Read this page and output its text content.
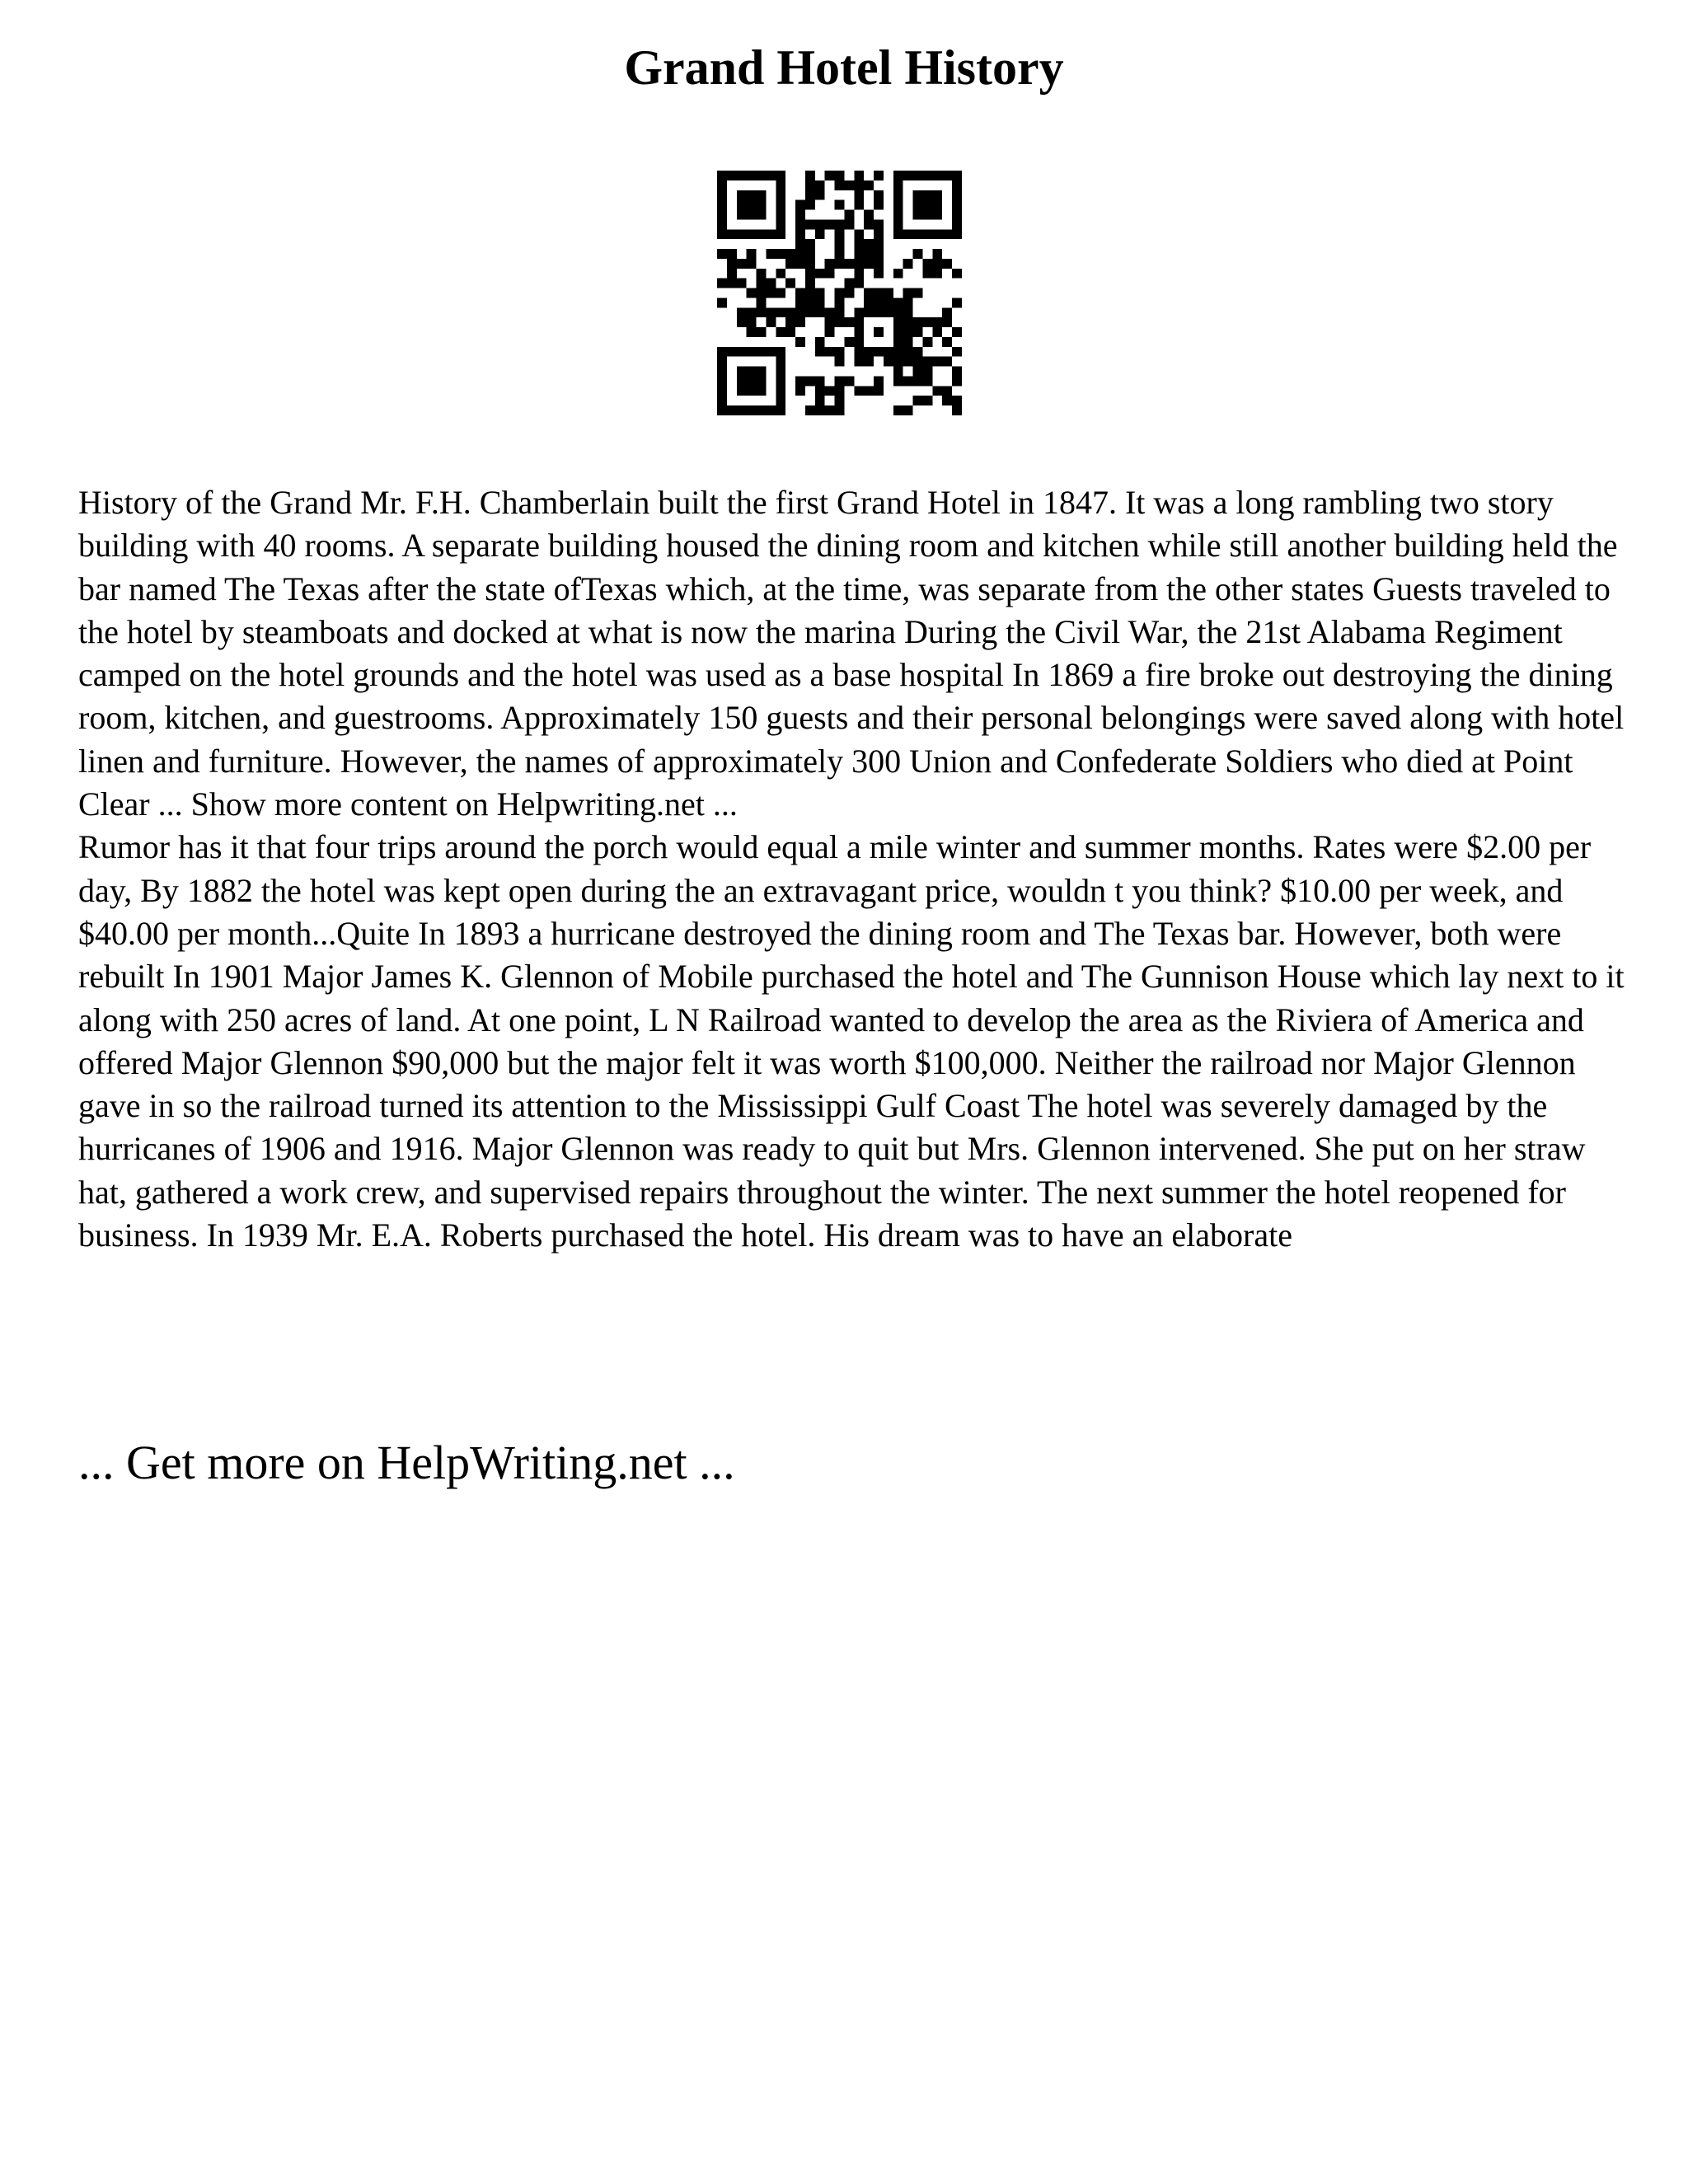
Grand Hotel History

History of the Grand Mr. F.H. Chamberlain built the first Grand Hotel in 1847. It was a long rambling two story building with 40 rooms. A separate building housed the dining room and kitchen while still another building held the bar named The Texas after the state ofTexas which, at the time, was separate from the other states Guests traveled to the hotel by steamboats and docked at what is now the marina During the Civil War, the 21st Alabama Regiment camped on the hotel grounds and the hotel was used as a base hospital In 1869 a fire broke out destroying the dining room, kitchen, and guestrooms. Approximately 150 guests and their personal belongings were saved along with hotel linen and furniture. However, the names of approximately 300 Union and Confederate Soldiers who died at Point Clear ... Show more content on Helpwriting.net ...

Rumor has it that four trips around the porch would equal a mile winter and summer months. Rates were $2.00 per day, By 1882 the hotel was kept open during the an extravagant price, wouldn t you think? $10.00 per week, and $40.00 per month...Quite In 1893 a hurricane destroyed the dining room and The Texas bar. However, both were rebuilt In 1901 Major James K. Glennon of Mobile purchased the hotel and The Gunnison House which lay next to it along with 250 acres of land. At one point, L N Railroad wanted to develop the area as the Riviera of America and offered Major Glennon $90,000 but the major felt it was worth $100,000. Neither the railroad nor Major Glennon gave in so the railroad turned its attention to the Mississippi Gulf Coast The hotel was severely damaged by the hurricanes of 1906 and 1916. Major Glennon was ready to quit but Mrs. Glennon intervened. She put on her straw hat, gathered a work crew, and supervised repairs throughout the winter. The next summer the hotel reopened for business. In 1939 Mr. E.A. Roberts purchased the hotel. His dream was to have an elaborate

... Get more on HelpWriting.net ...
